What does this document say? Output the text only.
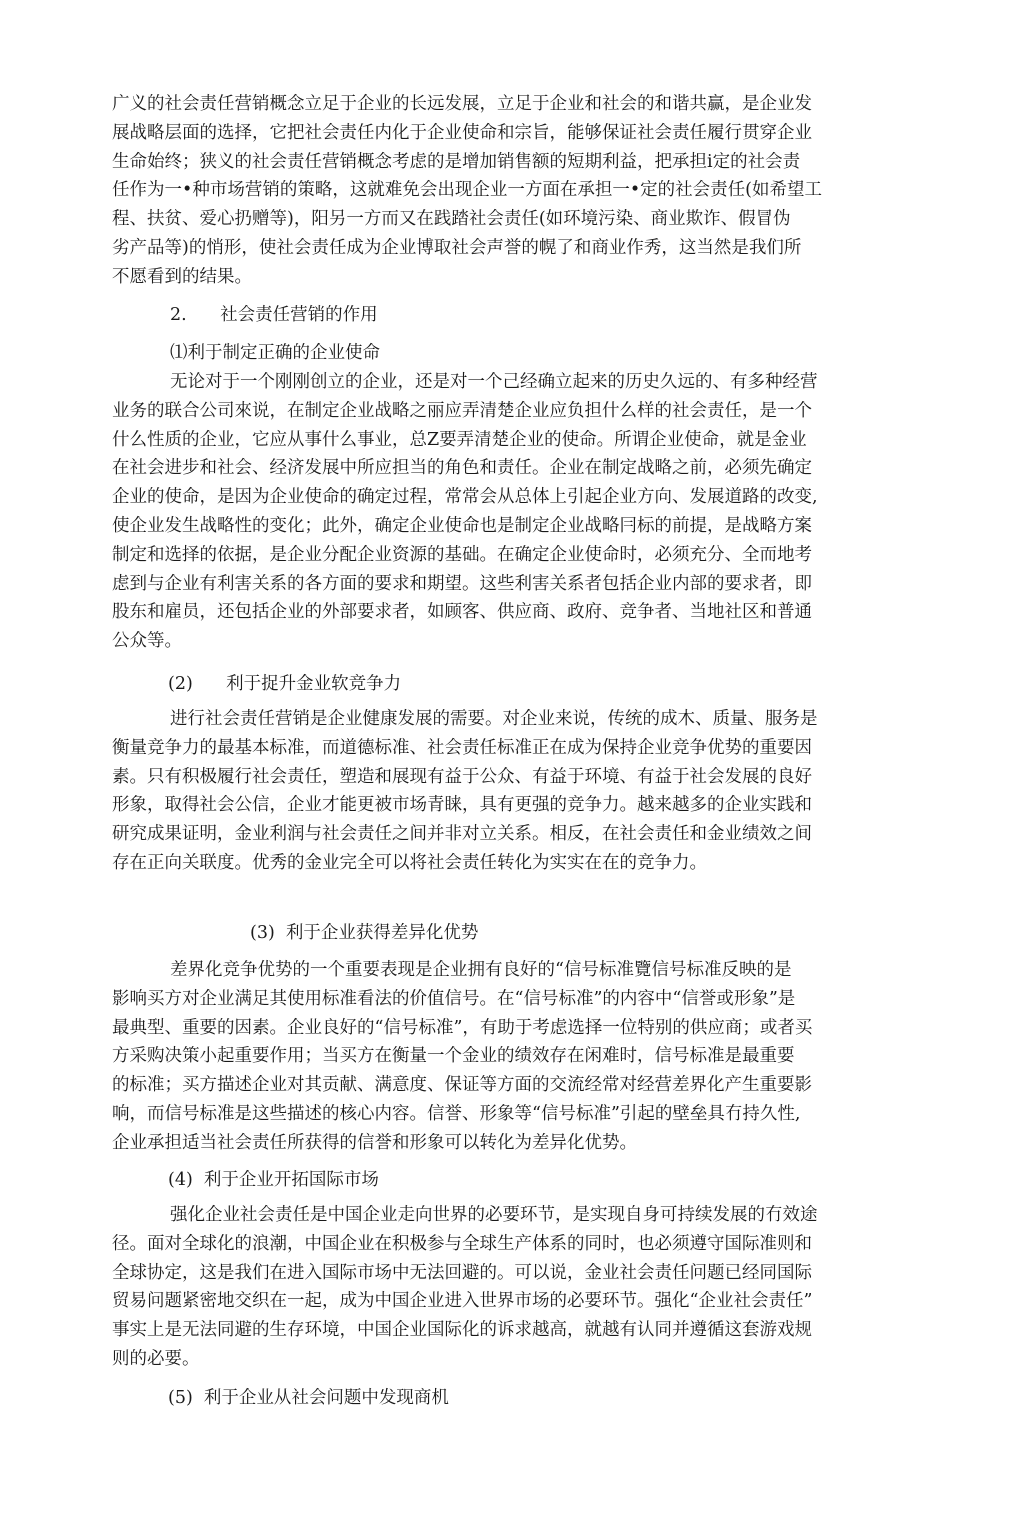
广义的社会责任营销概念立足于企业的长远发展，立足于企业和社会的和谐共赢，是企业发
展战略层面的选择，它把社会责任内化于企业使命和宗旨，能够保证社会责任履行贯穿企业
生命始终；狭义的社会责任营销概念考虑的是增加销售额的短期利益，把承担i定的社会责
任作为一•种市场营销的策略，这就难免会出现企业一方面在承担一•定的社会责任(如希望工
程、扶贫、爱心扔赠等)，阳另一方而又在践踏社会责任(如环境污染、商业欺诈、假冒伪
劣产品等)的悄形，使社会责任成为企业博取社会声誉的幌了和商业作秀，这当然是我们所
不愿看到的结果。
2.      社会责任营销的作用
⑴利于制定正确的企业使命
无论对于一个刚刚创立的企业，还是对一个己经确立起来的历史久远的、有多种经营
业务的联合公司來说，在制定企业战略之丽应弄清楚企业应负担什么样的社会责任，是一个
什么性质的企业，它应从事什么事业，总Z要弄清楚企业的使命。所谓企业使命，就是金业
在社会进步和社会、经济发展中所应担当的角色和责任。企业在制定战略之前，必须先确定
企业的使命，是因为企业使命的确定过程，常常会从总体上引起企业方向、发展道路的改变,
使企业发生战略性的变化；此外，确定企业使命也是制定企业战略冃标的前提，是战略方案
制定和选择的依据，是企业分配企业资源的基础。在确定企业使命时，必须充分、全而地考
虑到与企业有利害关系的各方面的要求和期望。这些利害关系者包括企业内部的要求者，即
股东和雇员，还包括企业的外部要求者，如顾客、供应商、政府、竞争者、当地社区和普通
公众等。
(2)      利于捉升金业软竞争力
进行社会责任营销是企业健康发展的需要。对企业来说，传统的成木、质量、服务是
衡量竞争力的最基本标准，而道德标准、社会责任标准正在成为保持企业竞争优势的重要因
素。只有积极履行社会责任，塑造和展现有益于公众、有益于环境、有益于社会发展的良好
形象，取得社会公信，企业才能更被市场青睐，具有更强的竞争力。越来越多的企业实践和
研究成果证明，金业利润与社会责任之间并非对立关系。相反，在社会责任和金业绩效之间
存在正向关联度。优秀的金业完全可以将社会责任转化为实实在在的竞争力。
(3)  利于企业获得差异化优势
差界化竞争优势的一个重要表现是企业拥有良好的“信号标准覽信号标准反映的是
影响买方对企业满足其使用标准看法的价值信号。在“信号标准”的内容中“信誉或形象”是
最典型、重要的因素。企业良好的“信号标准”，有助于考虑选择一位特别的供应商；或者买
方采购决策小起重要作用；当买方在衡量一个金业的绩效存在闲难时，信号标准是最重要
的标准；买方描述企业对其贡献、满意度、保证等方面的交流经常对经营差界化产生重要影
响，而信号标准是这些描述的核心内容。信誉、形象等“信号标准”引起的壁垒具冇持久性,
企业承担适当社会责任所获得的信誉和形象可以转化为差异化优势。
(4)  利于企业开拓国际市场
强化企业社会责任是中国企业走向世界的必要环节，是实现自身可持续发展的冇效途
径。面对全球化的浪潮，中国企业在积极参与全球生产体系的同时，也必须遵守国际准则和
全球协定，这是我们在进入国际市场中无法回避的。可以说，金业社会责任问题已经同国际
贸易问题紧密地交织在一起，成为中国企业进入世界市场的必要环节。强化“企业社会责任”
事实上是无法同避的生存环境，中国企业国际化的诉求越高，就越有认同并遵循这套游戏规
则的必要。
(5)  利于企业从社会问题中发现商机
